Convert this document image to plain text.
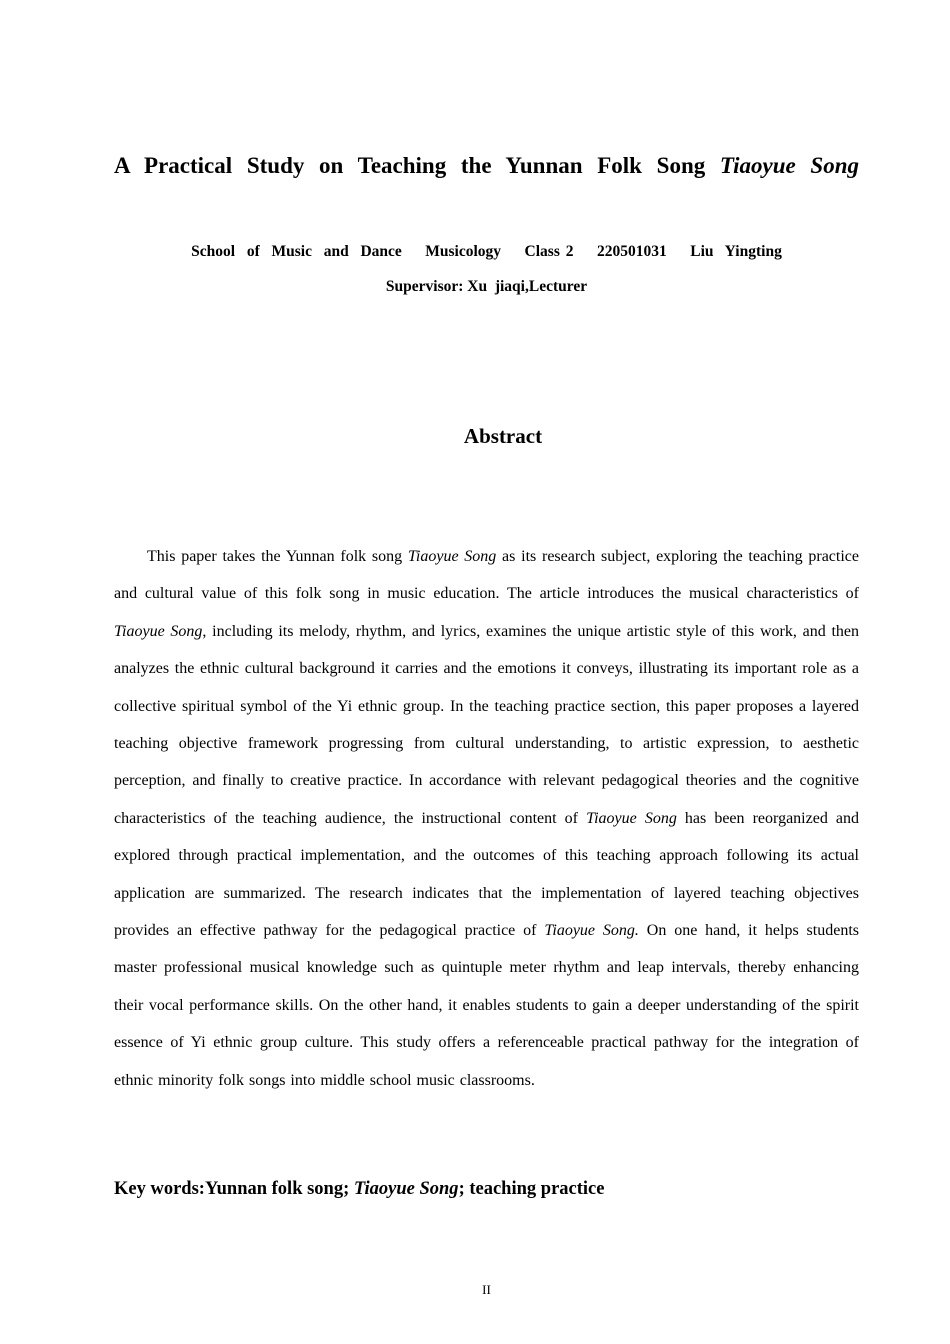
A Practical Study on Teaching the Yunnan Folk Song Tiaoyue Song
School  of  Music  and  Dance    Musicology    Class 2    220501031    Liu  Yingting
Supervisor: Xu  jiaqi,Lecturer
Abstract

This paper takes the Yunnan folk song Tiaoyue Song as its research subject, exploring the teaching practice and cultural value of this folk song in music education. The article introduces the musical characteristics of Tiaoyue Song, including its melody, rhythm, and lyrics, examines the unique artistic style of this work, and then analyzes the ethnic cultural background it carries and the emotions it conveys, illustrating its important role as a collective spiritual symbol of the Yi ethnic group. In the teaching practice section, this paper proposes a layered teaching objective framework progressing from cultural understanding, to artistic expression, to aesthetic perception, and finally to creative practice. In accordance with relevant pedagogical theories and the cognitive characteristics of the teaching audience, the instructional content of Tiaoyue Song has been reorganized and explored through practical implementation, and the outcomes of this teaching approach following its actual application are summarized. The research indicates that the implementation of layered teaching objectives provides an effective pathway for the pedagogical practice of Tiaoyue Song. On one hand, it helps students master professional musical knowledge such as quintuple meter rhythm and leap intervals, thereby enhancing their vocal performance skills. On the other hand, it enables students to gain a deeper understanding of the spirit essence of Yi ethnic group culture. This study offers a referenceable practical pathway for the integration of ethnic minority folk songs into middle school music classrooms.

Key words:Yunnan folk song; Tiaoyue Song; teaching practice

II
